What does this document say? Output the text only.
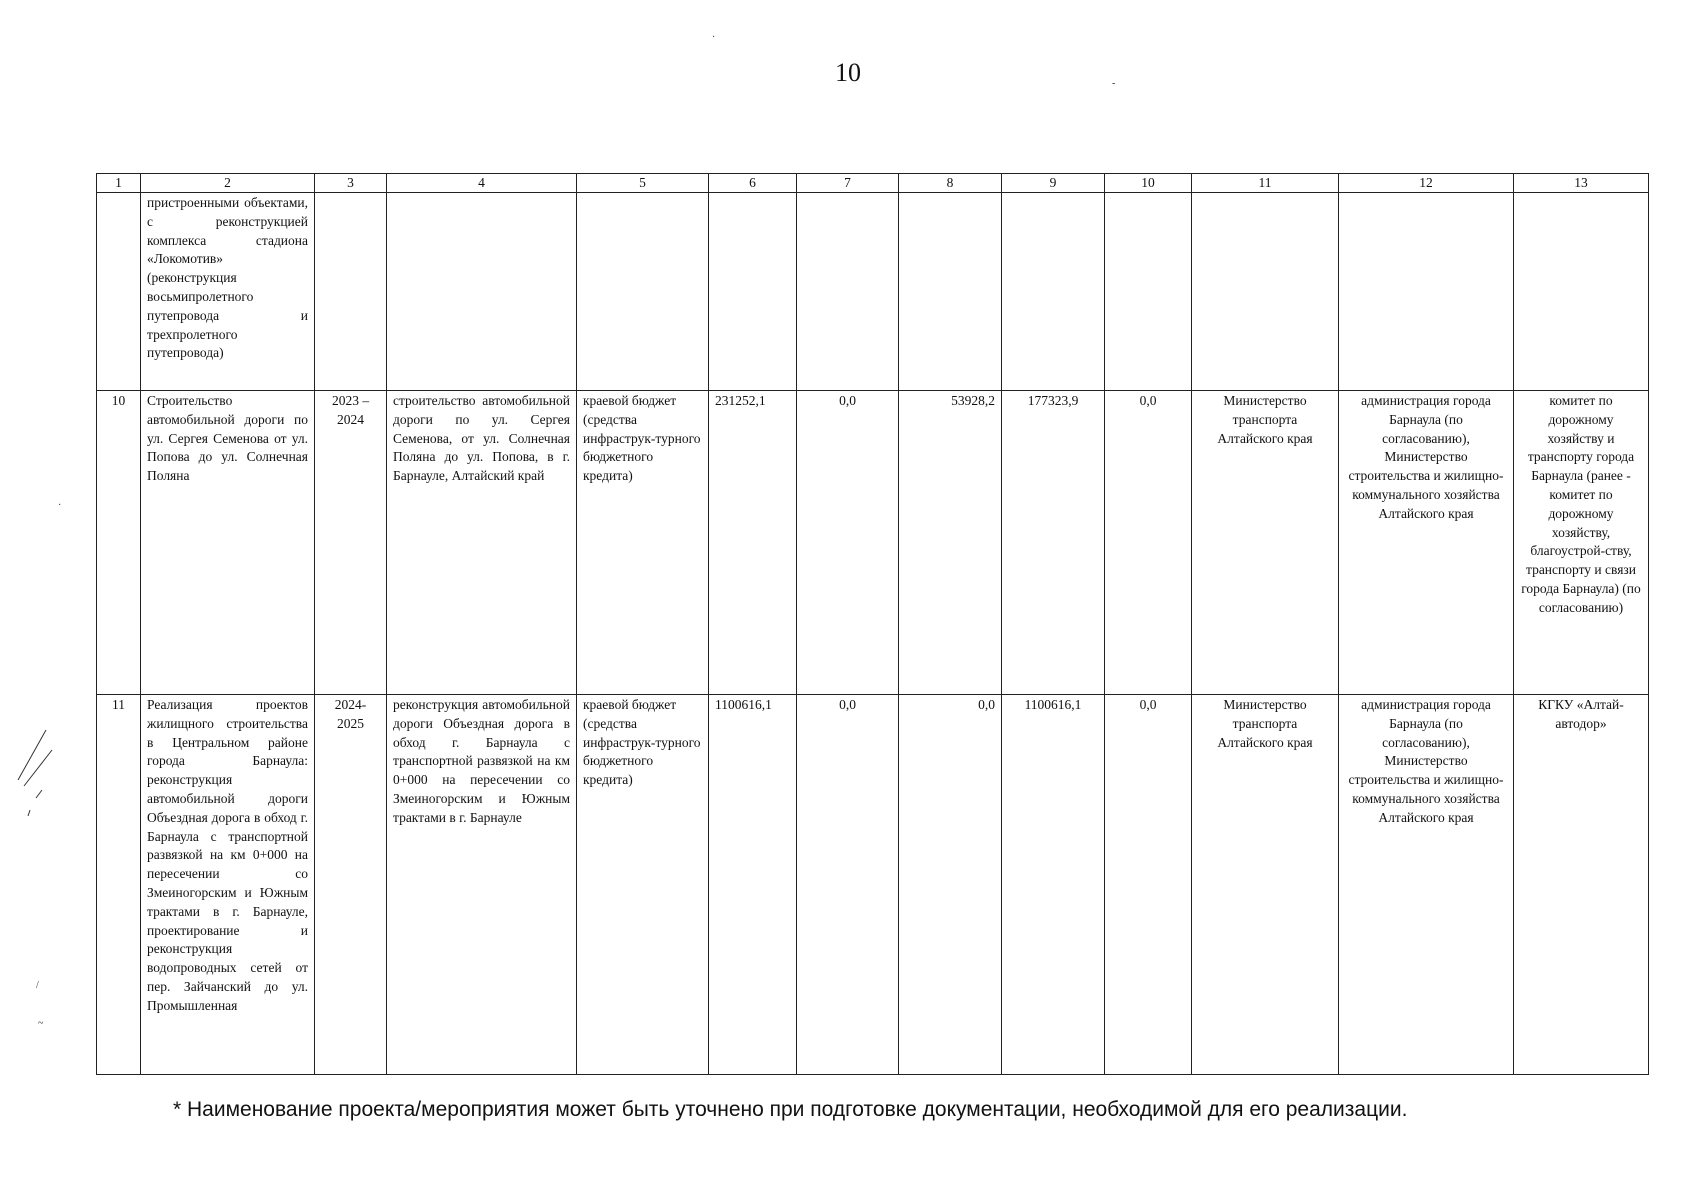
10
1	2	3	4	5	6	7	8	9	10	11	12	13
	пристроенными объектами, с реконструкцией комплекса стадиона «Локомотив» (реконструкция восьмипролетного путепровода и трехпролетного путепровода)											
10	Строительство автомобильной дороги по ул. Сергея Семенова от ул. Попова до ул. Солнечная Поляна	2023 – 2024	строительство автомобильной дороги по ул. Сергея Семенова, от ул. Солнечная Поляна до ул. Попова, в г. Барнауле, Алтайский край	краевой бюджет (средства инфраструк-турного бюджетного кредита)	231252,1	0,0	53928,2	177323,9	0,0	Министерство транспорта Алтайского края	администрация города Барнаула (по согласованию), Министерство строительства и жилищно-коммунального хозяйства Алтайского края	комитет по дорожному хозяйству и транспорту города Барнаула (ранее - комитет по дорожному хозяйству, благоустрой-ству, транспорту и связи города Барнаула) (по согласованию)
11	Реализация проектов жилищного строительства в Центральном районе города Барнаула: реконструкция автомобильной дороги Объездная дорога в обход г. Барнаула с транспортной развязкой на км 0+000 на пересечении со Змеиногорским и Южным трактами в г. Барнауле, проектирование и реконструкция водопроводных сетей от пер. Зайчанский до ул. Промышленная	2024- 2025	реконструкция автомобильной дороги Объездная дорога в обход г. Барнаула с транспортной развязкой на км 0+000 на пересечении со Змеиногорским и Южным трактами в г. Барнауле	краевой бюджет (средства инфраструк-турного бюджетного кредита)	1100616,1	0,0	0,0	1100616,1	0,0	Министерство транспорта Алтайского края	администрация города Барнаула (по согласованию), Министерство строительства и жилищно-коммунального хозяйства Алтайского края	КГКУ «Алтай-автодор»
* Наименование проекта/мероприятия может быть уточнено при подготовке документации, необходимой для его реализации.
·
-
·
/
~
